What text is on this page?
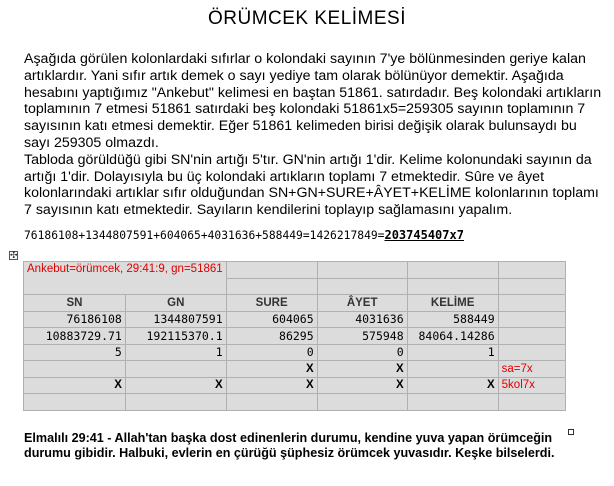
ÖRÜMCEK KELİMESİ

Aşağıda görülen kolonlardaki sıfırlar o kolondaki sayının 7'ye bölünmesinden geriye kalan artıklardır. Yani sıfır artık demek o sayı yediye tam olarak bölünüyor demektir. Aşağıda hesabını yaptığımız "Ankebut" kelimesi en baştan 51861. satırdadır. Beş kolondaki artıkların toplamının 7 etmesi 51861 satırdaki beş kolondaki 51861x5=259305 sayının toplamının 7 sayısının katı etmesi demektir. Eğer 51861 kelimeden birisi değişik olarak bulunsaydı bu sayı 259305 olmazdı.

Tabloda görüldüğü gibi SN'nin artığı 5'tır. GN'nin artığı 1'dir. Kelime kolonundaki sayının da artığı 1'dir. Dolayısıyla bu üç kolondaki artıkların toplamı 7 etmektedir. Sûre ve âyet kolonlarındaki artıklar sıfır olduğundan SN+GN+SURE+ÂYET+KELİME kolonlarının toplamı 7 sayısının katı etmektedir. Sayıların kendilerini toplayıp sağlamasını yapalım.

76186108+1344807591+604065+4031636+588449=1426217849=203745407x7
✣
Ankebut=örümcek, 29:41:9, gn=51861					

SN	GN	SURE	ÂYET	KELİME	
76186108	1344807591	604065	4031636	588449	
10883729.71	192115370.1	86295	575948	84064.14286	
5	1	0	0	1	
		X	X		sa=7x
X	X	X	X	X	5kol7x

Elmalılı 29:41 - Allah'tan başka dost edinenlerin durumu, kendine yuva yapan örümceğin durumu gibidir. Halbuki, evlerin en çürüğü şüphesiz örümcek yuvasıdır. Keşke bilselerdi.
